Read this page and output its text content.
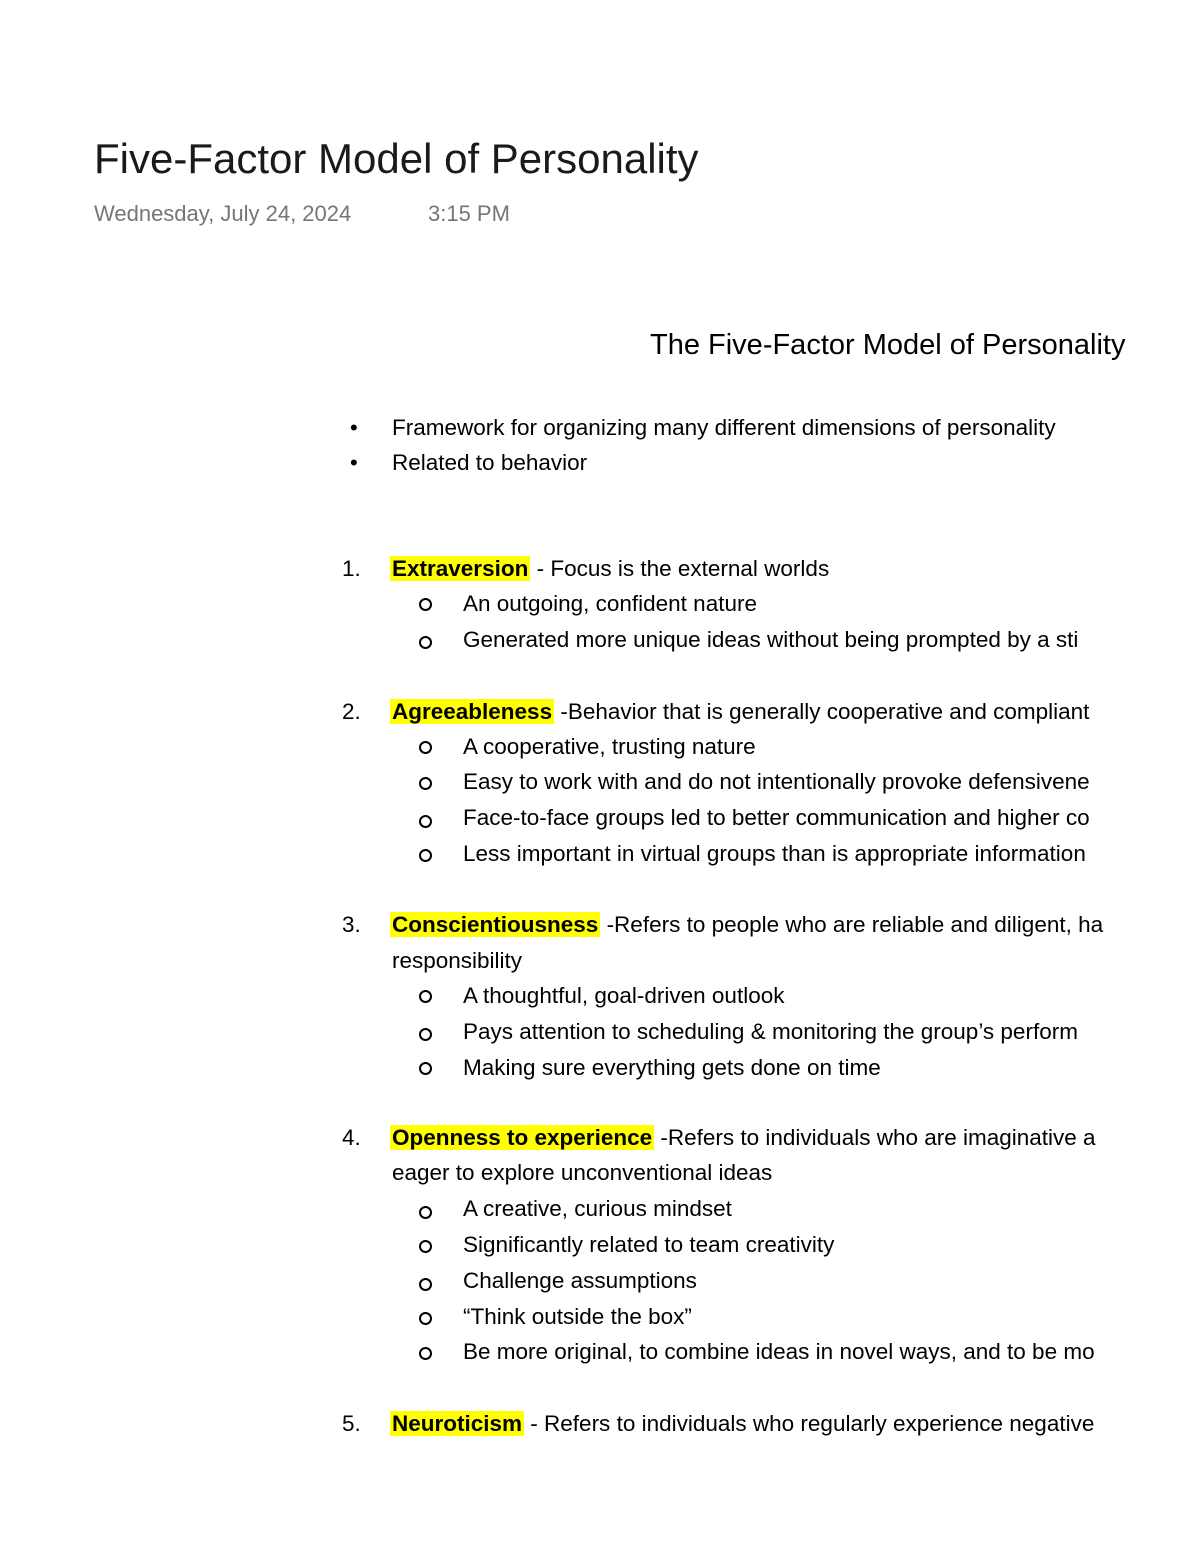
Five-Factor Model of Personality
Wednesday, July 24, 2024	3:15 PM
The Five-Factor Model of Personality
• Framework for organizing many different dimensions of personality
• Related to behavior
1. Extraversion - Focus is the external worlds
An outgoing, confident nature
Generated more unique ideas without being prompted by a sti
2. Agreeableness -Behavior that is generally cooperative and compliant
A cooperative, trusting nature
Easy to work with and do not intentionally provoke defensivene
Face-to-face groups led to better communication and higher co
Less important in virtual groups than is appropriate information
3. Conscientiousness -Refers to people who are reliable and diligent, ha
responsibility
A thoughtful, goal-driven outlook
Pays attention to scheduling & monitoring the group’s perform
Making sure everything gets done on time
4. Openness to experience -Refers to individuals who are imaginative a
eager to explore unconventional ideas
A creative, curious mindset
Significantly related to team creativity
Challenge assumptions
“Think outside the box”
Be more original, to combine ideas in novel ways, and to be mo
5. Neuroticism - Refers to individuals who regularly experience negative
